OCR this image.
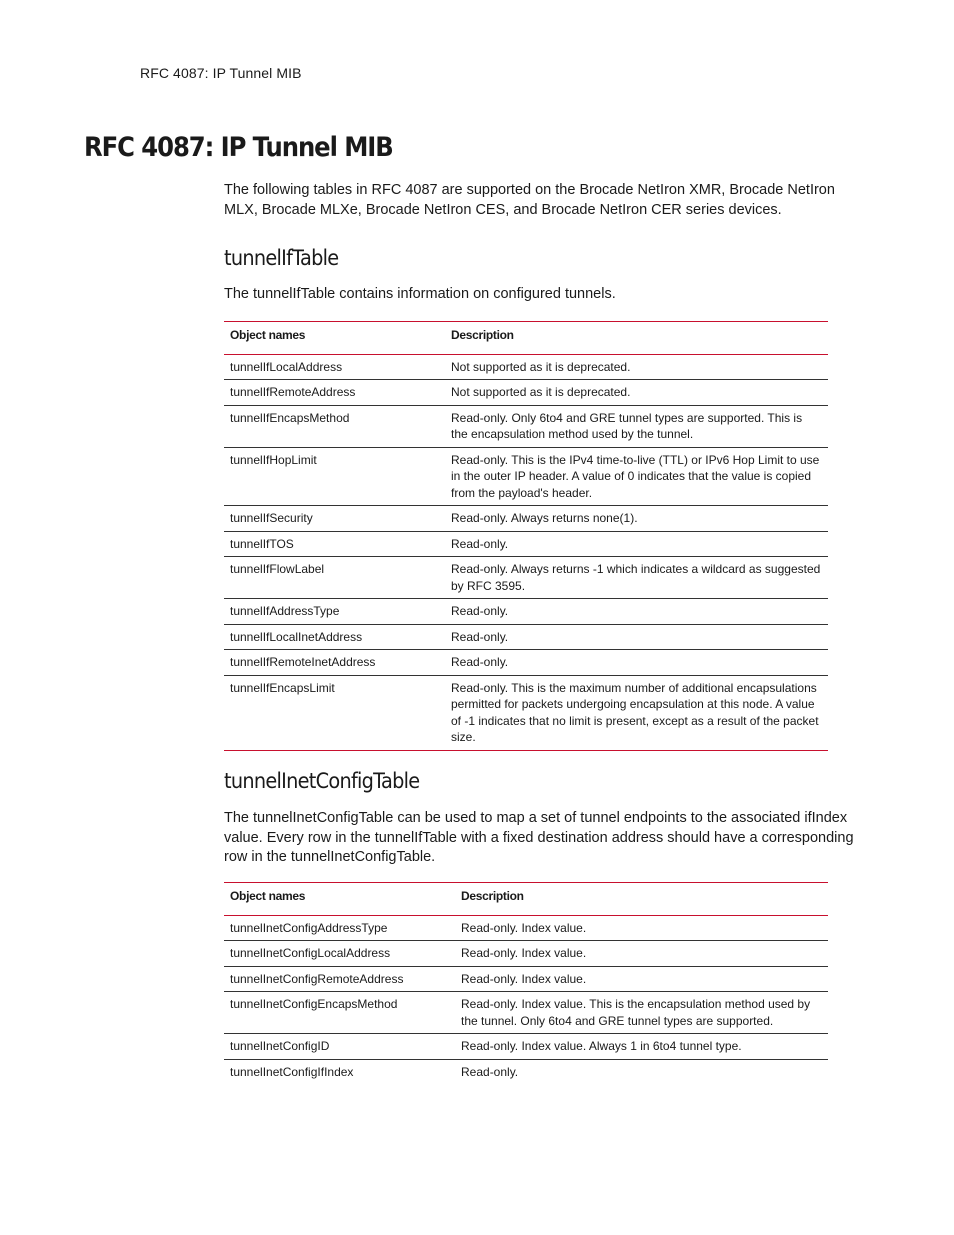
RFC 4087: IP Tunnel MIB
RFC 4087: IP Tunnel MIB

The following tables in RFC 4087 are supported on the Brocade NetIron XMR, Brocade NetIron MLX, Brocade MLXe, Brocade NetIron CES, and Brocade NetIron CER series devices.

tunnelIfTable

The tunnelIfTable contains information on configured tunnels.

Object names	Description
tunnelIfLocalAddress	Not supported as it is deprecated.
tunnelIfRemoteAddress	Not supported as it is deprecated.
tunnelIfEncapsMethod	Read-only. Only 6to4 and GRE tunnel types are supported. This is the encapsulation method used by the tunnel.
tunnelIfHopLimit	Read-only. This is the IPv4 time-to-live (TTL) or IPv6 Hop Limit to use in the outer IP header. A value of 0 indicates that the value is copied from the payload's header.
tunnelIfSecurity	Read-only. Always returns none(1).
tunnelIfTOS	Read-only.
tunnelIfFlowLabel	Read-only. Always returns -1 which indicates a wildcard as suggested by RFC 3595.
tunnelIfAddressType	Read-only.
tunnelIfLocalInetAddress	Read-only.
tunnelIfRemoteInetAddress	Read-only.
tunnelIfEncapsLimit	Read-only. This is the maximum number of additional encapsulations permitted for packets undergoing encapsulation at this node. A value of -1 indicates that no limit is present, except as a result of the packet size.
tunnelInetConfigTable

The tunnelInetConfigTable can be used to map a set of tunnel endpoints to the associated ifIndex value. Every row in the tunnelIfTable with a fixed destination address should have a corresponding row in the tunnelInetConfigTable.

Object names	Description
tunnelInetConfigAddressType	Read-only. Index value.
tunnelInetConfigLocalAddress	Read-only. Index value.
tunnelInetConfigRemoteAddress	Read-only. Index value.
tunnelInetConfigEncapsMethod	Read-only. Index value. This is the encapsulation method used by the tunnel. Only 6to4 and GRE tunnel types are supported.
tunnelInetConfigID	Read-only. Index value. Always 1 in 6to4 tunnel type.
tunnelInetConfigIfIndex	Read-only.
